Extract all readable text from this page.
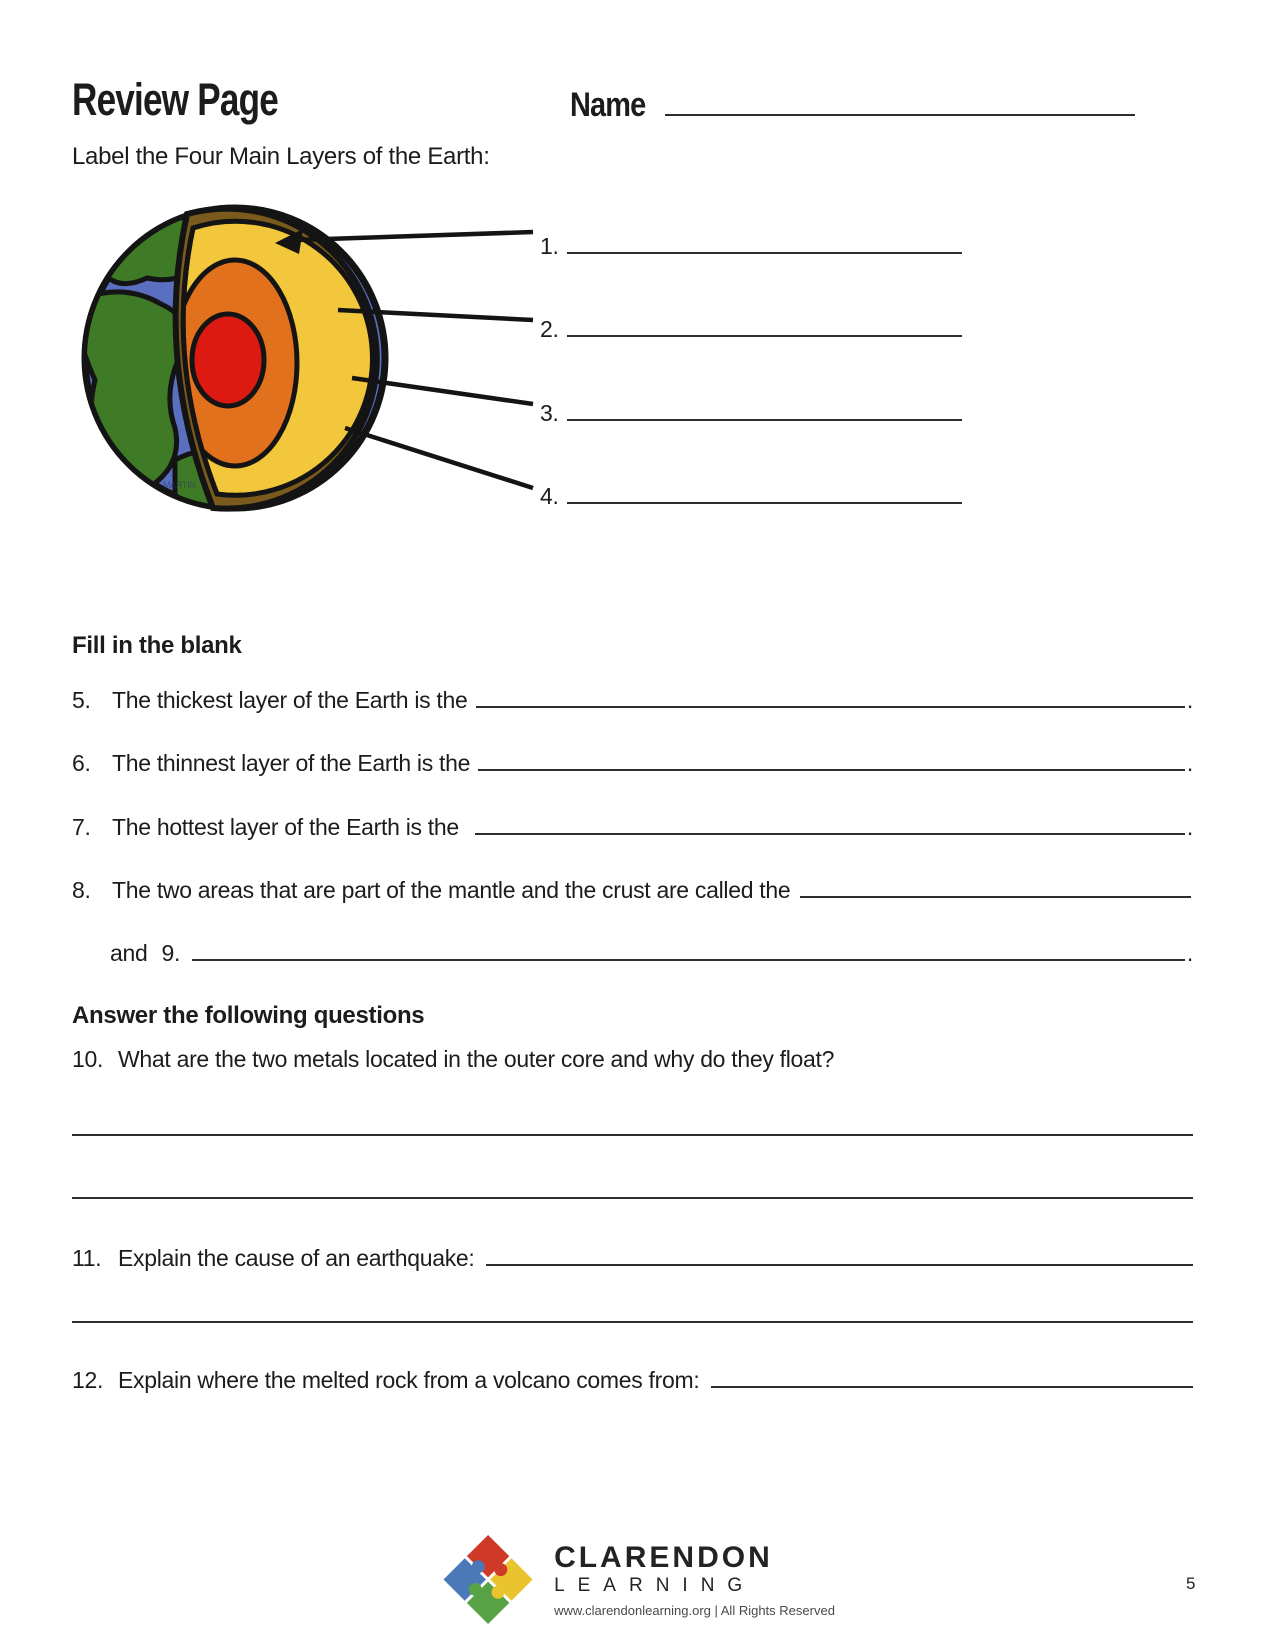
Review Page	Name
Label the Four Main Layers of the Earth:
MARTIN
1.
2.
3.
4.
Fill in the blank
5. The thickest layer of the Earth is the	.
6. The thinnest layer of the Earth is the	.
7. The hottest layer of the Earth is the	.
8. The two areas that are part of the mantle and the crust are called the
and 9.	.
Answer the following questions
10. What are the two metals located in the outer core and why do they float?
11. Explain the cause of an earthquake:
12. Explain where the melted rock from a volcano comes from:
CLARENDON
LEARNING
www.clarendonlearning.org | All Rights Reserved
5
